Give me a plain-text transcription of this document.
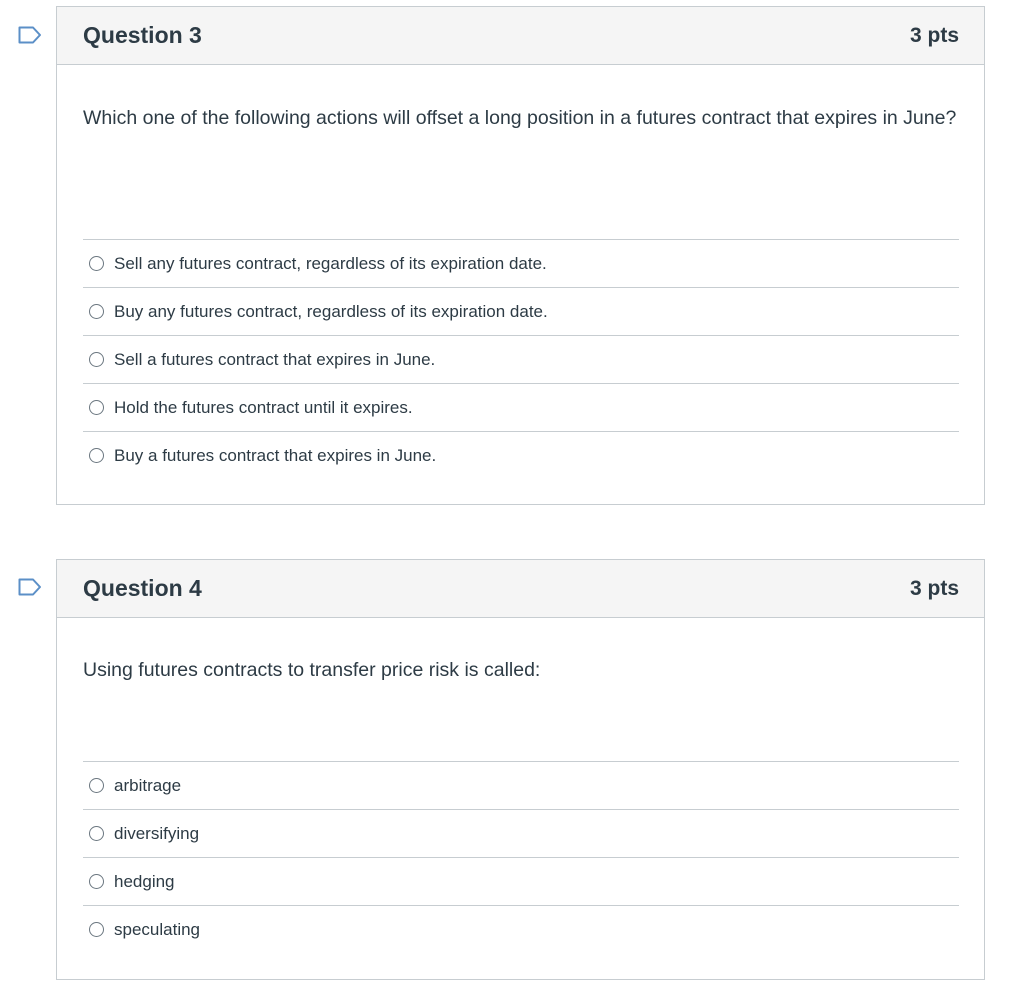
Question 3	3 pts

Which one of the following actions will offset a long position in a futures contract that expires in June?

Sell any futures contract, regardless of its expiration date.
Buy any futures contract, regardless of its expiration date.
Sell a futures contract that expires in June.
Hold the futures contract until it expires.
Buy a futures contract that expires in June.
Question 4	3 pts

Using futures contracts to transfer price risk is called:

arbitrage
diversifying
hedging
speculating
